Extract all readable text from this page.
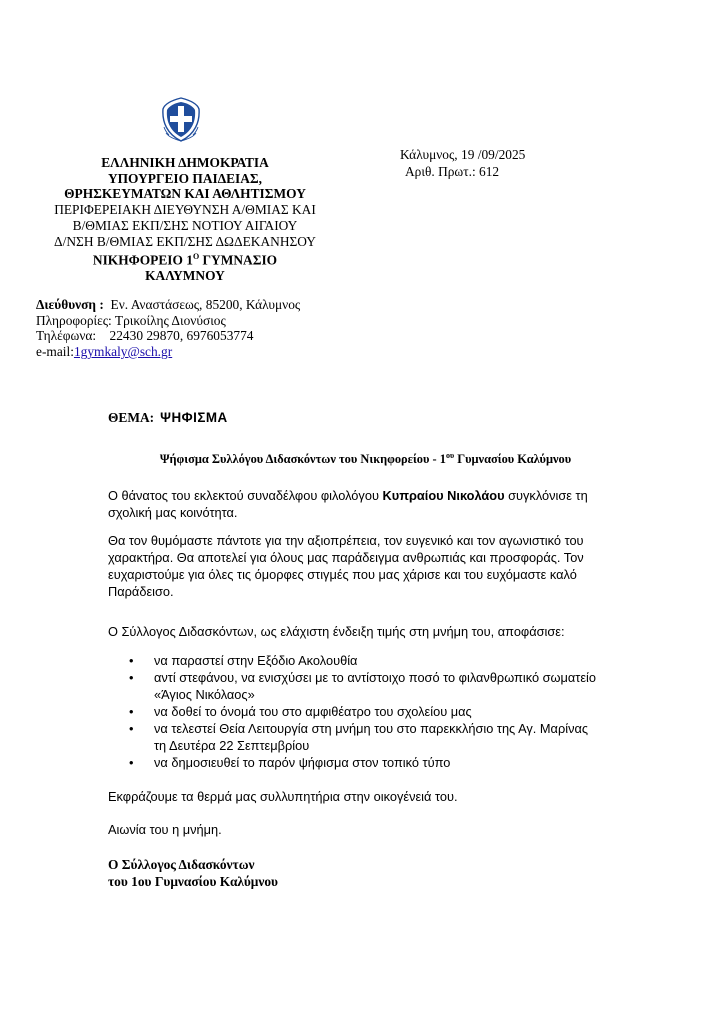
ΕΛΛΗΝΙΚΗ ΔΗΜΟΚΡΑΤΙΑ
ΥΠΟΥΡΓΕΙΟ ΠΑΙΔΕΙΑΣ,
ΘΡΗΣΚΕΥΜΑΤΩΝ ΚΑΙ ΑΘΛΗΤΙΣΜΟΥ
ΠΕΡΙΦΕΡΕΙΑΚΗ ΔΙΕΥΘΥΝΣΗ Α/ΘΜΙΑΣ ΚΑΙ
Β/ΘΜΙΑΣ ΕΚΠ/ΣΗΣ ΝΟΤΙΟΥ ΑΙΓΑΙΟΥ
Δ/ΝΣΗ Β/ΘΜΙΑΣ ΕΚΠ/ΣΗΣ ΔΩΔΕΚΑΝΗΣΟΥ
ΝΙΚΗΦΟΡΕΙΟ $1^O$ ΓΥΜΝΑΣΙΟ
ΚΑΛΥΜΝΟΥ
Κάλυμνος, 19 /09/2025
Αριθ. Πρωτ.: 612
Διεύθυνση : Εν. Αναστάσεως, 85200, Κάλυμνος
Πληροφορίες: Τρικοίλης Διονύσιος
Τηλέφωνα: 22430 29870, 6976053774
e-mail:1gymkaly@sch.gr
ΘΕΜΑ: ΨΗΦΙΣΜΑ
Ψήφισμα Συλλόγου Διδασκόντων του Νικηφορείου - $1^{o\upsilon}$ Γυμνασίου Καλύμνου
Ο θάνατος του εκλεκτού συναδέλφου φιλολόγου Κυπραίου Νικολάου συγκλόνισε τη σχολική μας κοινότητα.
Θα τον θυμόμαστε πάντοτε για την αξιοπρέπεια, τον ευγενικό και τον αγωνιστικό του χαρακτήρα. Θα αποτελεί για όλους μας παράδειγμα ανθρωπιάς και προσφοράς. Τον ευχαριστούμε για όλες τις όμορφες στιγμές που μας χάρισε και του ευχόμαστε καλό Παράδεισο.
Ο Σύλλογος Διδασκόντων, ως ελάχιστη ένδειξη τιμής στη μνήμη του, αποφάσισε:
• να παραστεί στην Εξόδιο Ακολουθία
• αντί στεφάνου, να ενισχύσει με το αντίστοιχο ποσό το φιλανθρωπικό σωματείο «Άγιος Νικόλαος»
• να δοθεί το όνομά του στο αμφιθέατρο του σχολείου μας
• να τελεστεί Θεία Λειτουργία στη μνήμη του στο παρεκκλήσιο της Αγ. Μαρίνας τη Δευτέρα 22 Σεπτεμβρίου
• να δημοσιευθεί το παρόν ψήφισμα στον τοπικό τύπο
Εκφράζουμε τα θερμά μας συλλυπητήρια στην οικογένειά του.
Αιωνία του η μνήμη.
Ο Σύλλογος Διδασκόντων
του 1ου Γυμνασίου Καλύμνου
